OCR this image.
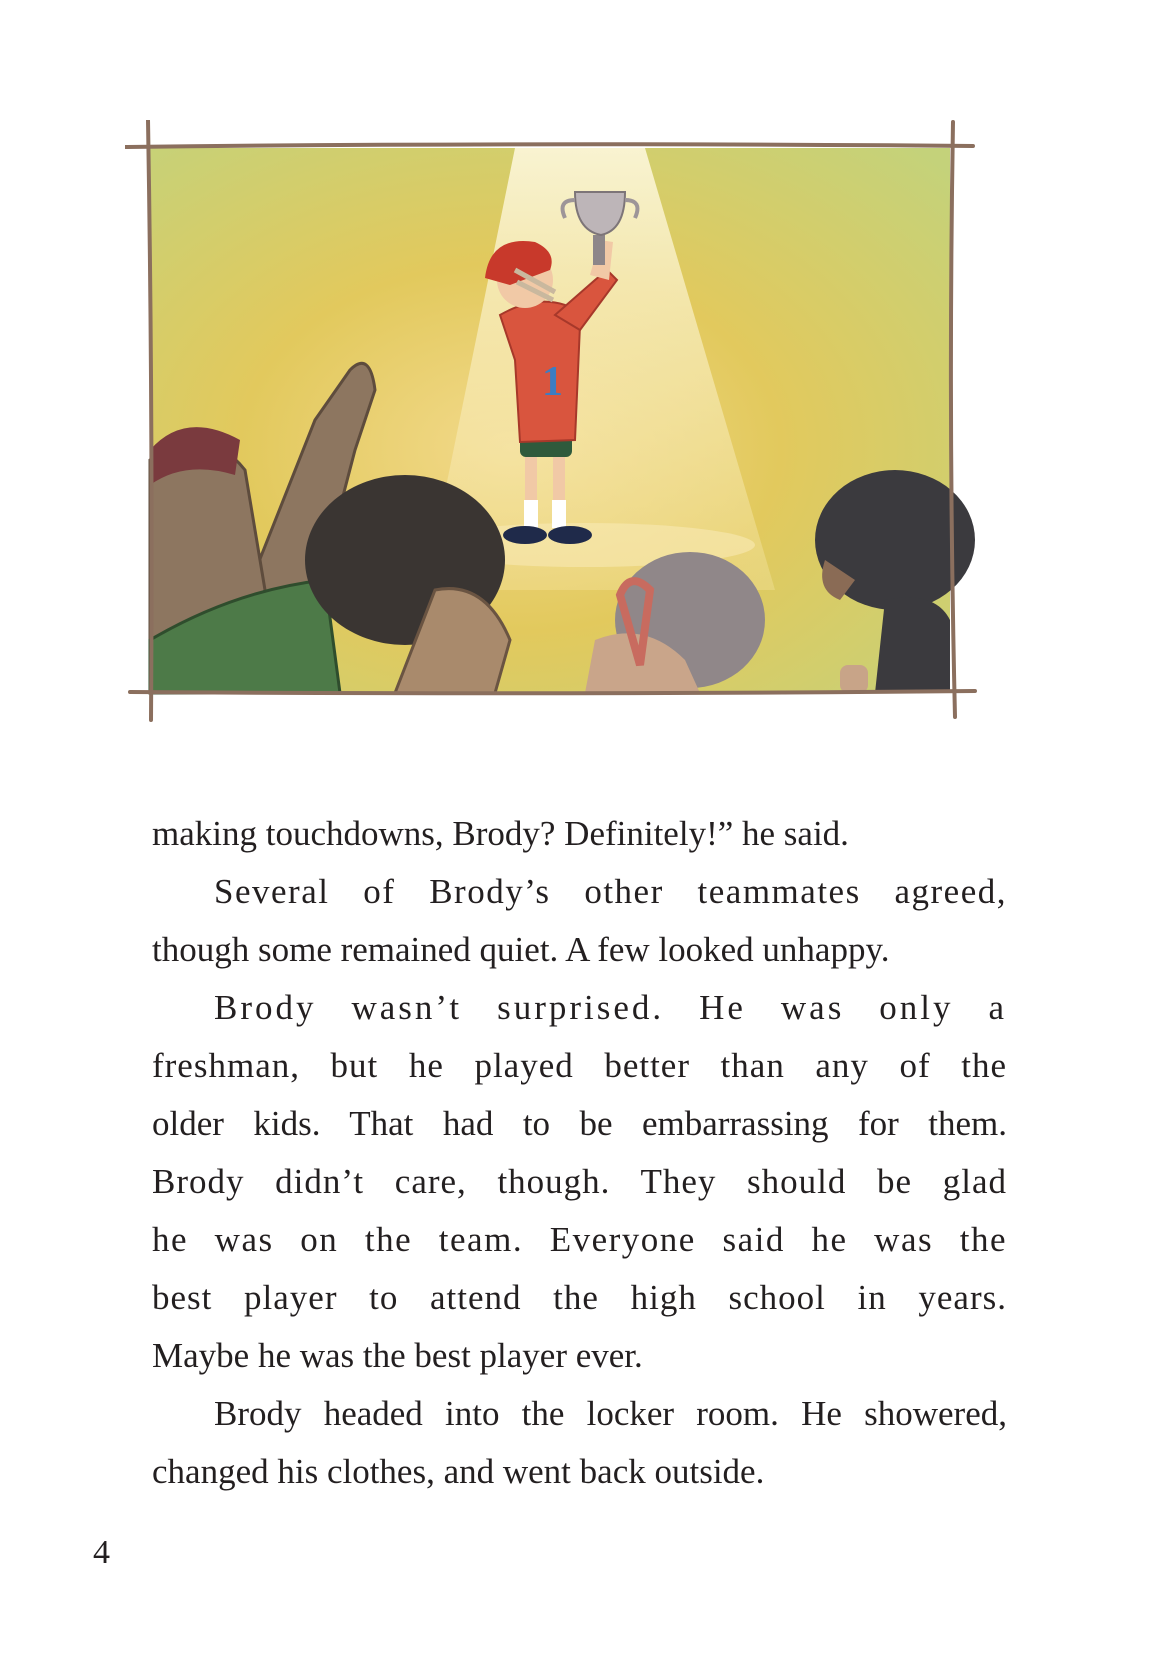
1

making touchdowns, Brody? Definitely!” he said.

Several of Brody’s other teammates agreed,
though some remained quiet. A few looked unhappy.

Brody wasn’t surprised. He was only a
freshman, but he played better than any of the
older kids. That had to be embarrassing for them.
Brody didn’t care, though. They should be glad
he was on the team. Everyone said he was the
best player to attend the high school in years.
Maybe he was the best player ever.

Brody headed into the locker room. He showered,
changed his clothes, and went back outside.

4
